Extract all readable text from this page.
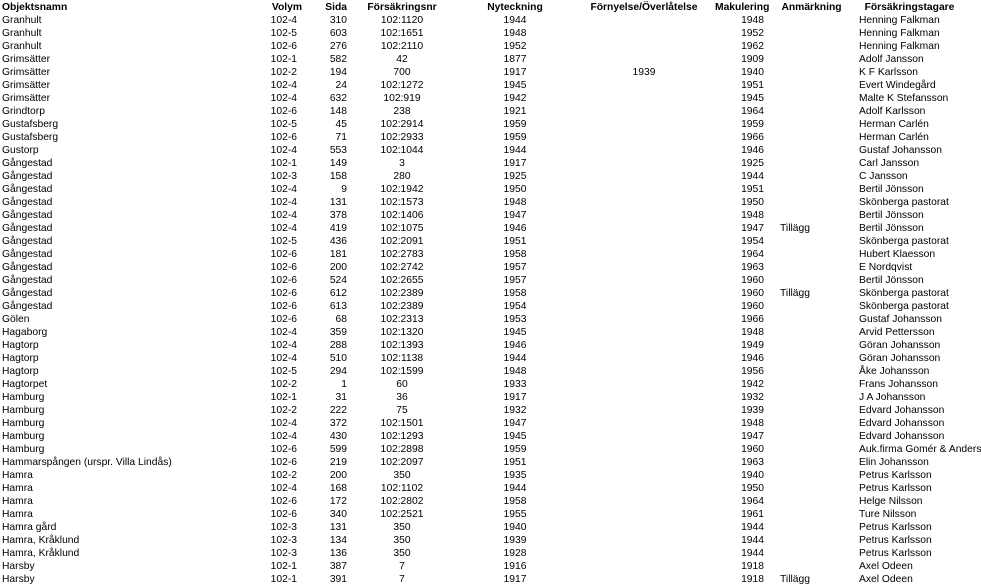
Objektsnamn	Volym	Sida	Försäkringsnr	Nyteckning	Förnyelse/Överlåtelse	Makulering	Anmärkning	Försäkringstagare
Granhult	102-4	310	102:1120	1944		1948		Henning Falkman
Granhult	102-5	603	102:1651	1948		1952		Henning Falkman
Granhult	102-6	276	102:2110	1952		1962		Henning Falkman
Grimsätter	102-1	582	42	1877		1909		Adolf Jansson
Grimsätter	102-2	194	700	1917	1939	1940		K F Karlsson
Grimsätter	102-4	24	102:1272	1945		1951		Evert Windegård
Grimsätter	102-4	632	102:919	1942		1945		Malte K Stefansson
Grindtorp	102-6	148	238	1921		1964		Adolf Karlsson
Gustafsberg	102-5	45	102:2914	1959		1959		Herman Carlén
Gustafsberg	102-6	71	102:2933	1959		1966		Herman Carlén
Gustorp	102-4	553	102:1044	1944		1946		Gustaf Johansson
Gångestad	102-1	149	3	1917		1925		Carl Jansson
Gångestad	102-3	158	280	1925		1944		C Jansson
Gångestad	102-4	9	102:1942	1950		1951		Bertil Jönsson
Gångestad	102-4	131	102:1573	1948		1950		Skönberga pastorat
Gångestad	102-4	378	102:1406	1947		1948		Bertil Jönsson
Gångestad	102-4	419	102:1075	1946		1947	Tillägg	Bertil Jönsson
Gångestad	102-5	436	102:2091	1951		1954		Skönberga pastorat
Gångestad	102-6	181	102:2783	1958		1964		Hubert Klaesson
Gångestad	102-6	200	102:2742	1957		1963		E Nordqvist
Gångestad	102-6	524	102:2655	1957		1960		Bertil Jönsson
Gångestad	102-6	612	102:2389	1958		1960	Tillägg	Skönberga pastorat
Gångestad	102-6	613	102:2389	1954		1960		Skönberga pastorat
Gölen	102-6	68	102:2313	1953		1966		Gustaf Johansson
Hagaborg	102-4	359	102:1320	1945		1948		Arvid Pettersson
Hagtorp	102-4	288	102:1393	1946		1949		Göran Johansson
Hagtorp	102-4	510	102:1138	1944		1946		Göran Johansson
Hagtorp	102-5	294	102:1599	1948		1956		Åke Johansson
Hagtorpet	102-2	1	60	1933		1942		Frans Johansson
Hamburg	102-1	31	36	1917		1932		J A Johansson
Hamburg	102-2	222	75	1932		1939		Edvard Johansson
Hamburg	102-4	372	102:1501	1947		1948		Edvard Johansson
Hamburg	102-4	430	102:1293	1945		1947		Edvard Johansson
Hamburg	102-6	599	102:2898	1959		1960		Auk.firma Gomér & Anders
Hammarspången (urspr. Villa Lindås)	102-6	219	102:2097	1951		1963		Elin Johansson
Hamra	102-2	200	350	1935		1940		Petrus Karlsson
Hamra	102-4	168	102:1102	1944		1950		Petrus Karlsson
Hamra	102-6	172	102:2802	1958		1964		Helge Nilsson
Hamra	102-6	340	102:2521	1955		1961		Ture Nilsson
Hamra gård	102-3	131	350	1940		1944		Petrus Karlsson
Hamra, Kråklund	102-3	134	350	1939		1944		Petrus Karlsson
Hamra, Kråklund	102-3	136	350	1928		1944		Petrus Karlsson
Harsby	102-1	387	7	1916		1918		Axel Odeen
Harsby	102-1	391	7	1917		1918	Tillägg	Axel Odeen
